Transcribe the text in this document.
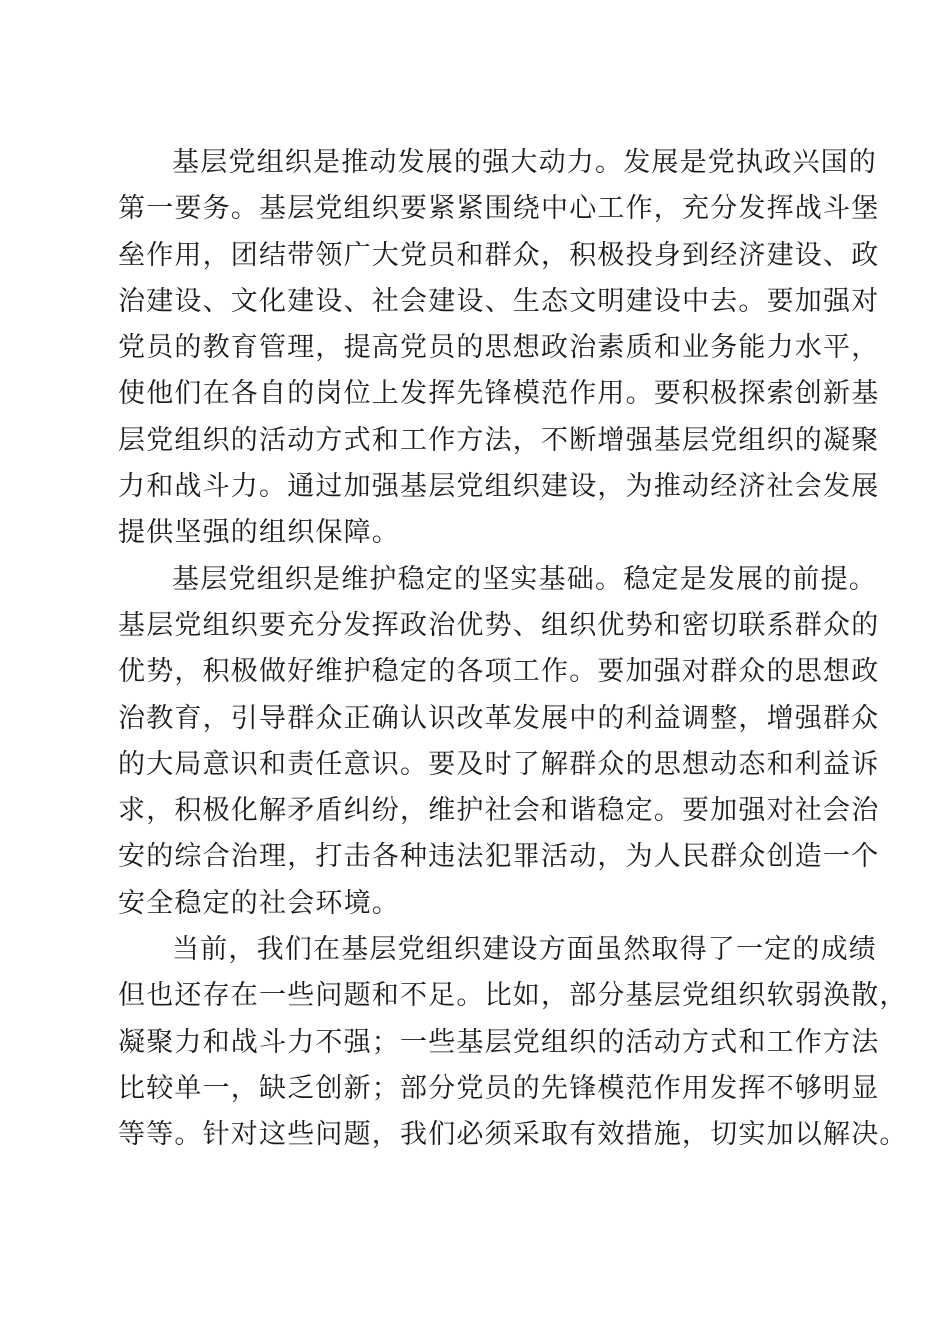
基层党组织是推动发展的强大动力。发展是党执政兴国的
第一要务。基层党组织要紧紧围绕中心工作，充分发挥战斗堡
垒作用，团结带领广大党员和群众，积极投身到经济建设、政
治建设、文化建设、社会建设、生态文明建设中去。要加强对
党员的教育管理，提高党员的思想政治素质和业务能力水平，
使他们在各自的岗位上发挥先锋模范作用。要积极探索创新基
层党组织的活动方式和工作方法，不断增强基层党组织的凝聚
力和战斗力。通过加强基层党组织建设，为推动经济社会发展
提供坚强的组织保障。
基层党组织是维护稳定的坚实基础。稳定是发展的前提。
基层党组织要充分发挥政治优势、组织优势和密切联系群众的
优势，积极做好维护稳定的各项工作。要加强对群众的思想政
治教育，引导群众正确认识改革发展中的利益调整，增强群众
的大局意识和责任意识。要及时了解群众的思想动态和利益诉
求，积极化解矛盾纠纷，维护社会和谐稳定。要加强对社会治
安的综合治理，打击各种违法犯罪活动，为人民群众创造一个
安全稳定的社会环境。
当前，我们在基层党组织建设方面虽然取得了一定的成绩
但也还存在一些问题和不足。比如，部分基层党组织软弱涣散，
凝聚力和战斗力不强；一些基层党组织的活动方式和工作方法
比较单一，缺乏创新；部分党员的先锋模范作用发挥不够明显
等等。针对这些问题，我们必须采取有效措施，切实加以解决。
